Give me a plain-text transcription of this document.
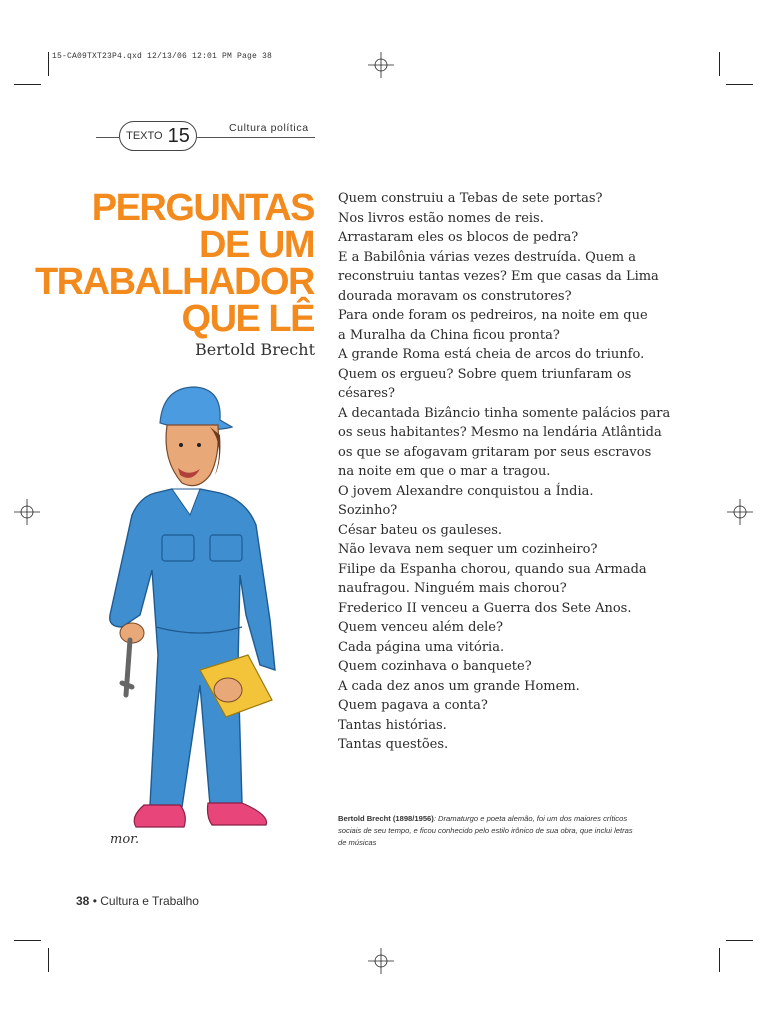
15-CA09TXT23P4.qxd 12/13/06 12:01 PM Page 38
TEXTO 15	Cultura política
PERGUNTAS
DE UM
TRABALHADOR
QUE LÊ
Bertold Brecht
Quem construiu a Tebas de sete portas?
Nos livros estão nomes de reis.
Arrastaram eles os blocos de pedra?
E a Babilônia várias vezes destruída. Quem a
reconstruiu tantas vezes? Em que casas da Lima
dourada moravam os construtores?
Para onde foram os pedreiros, na noite em que
a Muralha da China ficou pronta?
A grande Roma está cheia de arcos do triunfo.
Quem os ergueu? Sobre quem triunfaram os
césares?
A decantada Bizâncio tinha somente palácios para
os seus habitantes? Mesmo na lendária Atlântida
os que se afogavam gritaram por seus escravos
na noite em que o mar a tragou.
O jovem Alexandre conquistou a Índia.
Sozinho?
César bateu os gauleses.
Não levava nem sequer um cozinheiro?
Filipe da Espanha chorou, quando sua Armada
naufragou. Ninguém mais chorou?
Frederico II venceu a Guerra dos Sete Anos.
Quem venceu além dele?
Cada página uma vitória.
Quem cozinhava o banquete?
A cada dez anos um grande Homem.
Quem pagava a conta?
Tantas histórias.
Tantas questões.
Bertold Brecht (1898/1956): Dramaturgo e poeta alemão, foi um dos maiores críticos sociais de seu tempo, e ficou conhecido pelo estilo irônico de sua obra, que inclui letras de músicas
38 • Cultura e Trabalho
mor.
